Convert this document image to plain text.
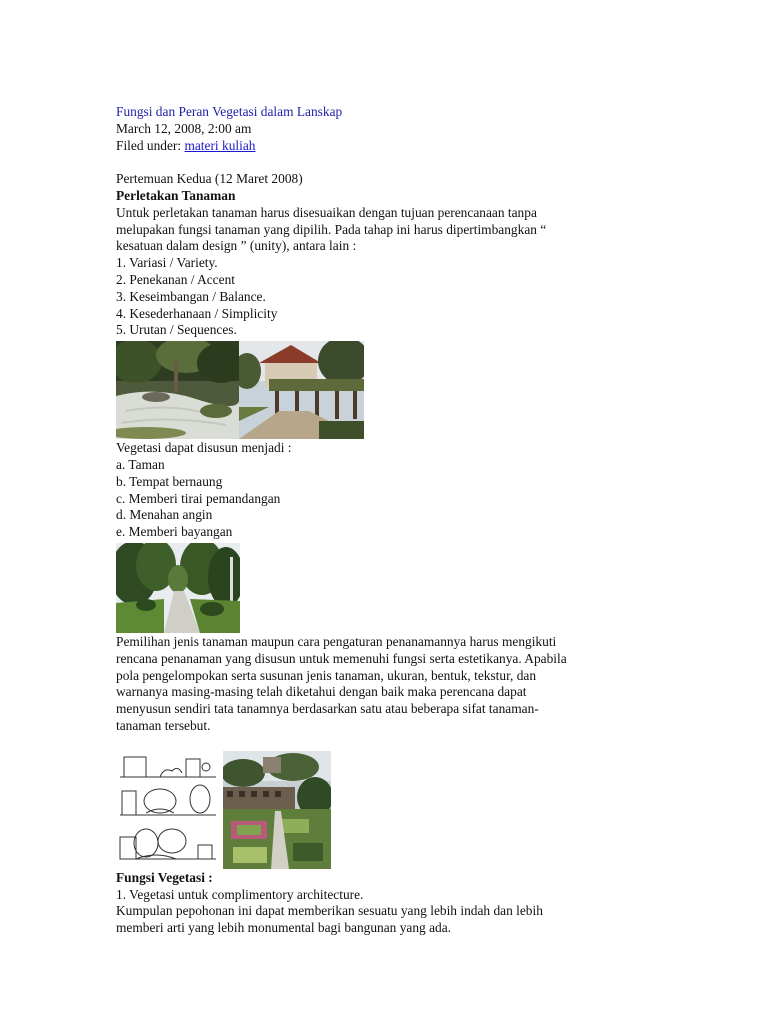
Fungsi dan Peran Vegetasi dalam Lanskap
March 12, 2008, 2:00 am
Filed under: materi kuliah
Pertemuan Kedua (12 Maret 2008)
Perletakan Tanaman
Untuk perletakan tanaman harus disesuaikan dengan tujuan perencanaan tanpa
melupakan fungsi tanaman yang dipilih. Pada tahap ini harus dipertimbangkan “
kesatuan dalam design ” (unity), antara lain :
1. Variasi / Variety.
2. Penekanan / Accent
3. Keseimbangan / Balance.
4. Kesederhanaan / Simplicity
5. Urutan / Sequences.
Vegetasi dapat disusun menjadi :
a. Taman
b. Tempat bernaung
c. Memberi tirai pemandangan
d. Menahan angin
e. Memberi bayangan
Pemilihan jenis tanaman maupun cara pengaturan penanamannya harus mengikuti
rencana penanaman yang disusun untuk memenuhi fungsi serta estetikanya. Apabila
pola pengelompokan serta susunan jenis tanaman, ukuran, bentuk, tekstur, dan
warnanya masing-masing telah diketahui dengan baik maka perencana dapat
menyusun sendiri tata tanamnya berdasarkan satu atau beberapa sifat tanaman-
tanaman tersebut.
Fungsi Vegetasi :
1. Vegetasi untuk complimentory architecture.
Kumpulan pepohonan ini dapat memberikan sesuatu yang lebih indah dan lebih
memberi arti yang lebih monumental bagi bangunan yang ada.
